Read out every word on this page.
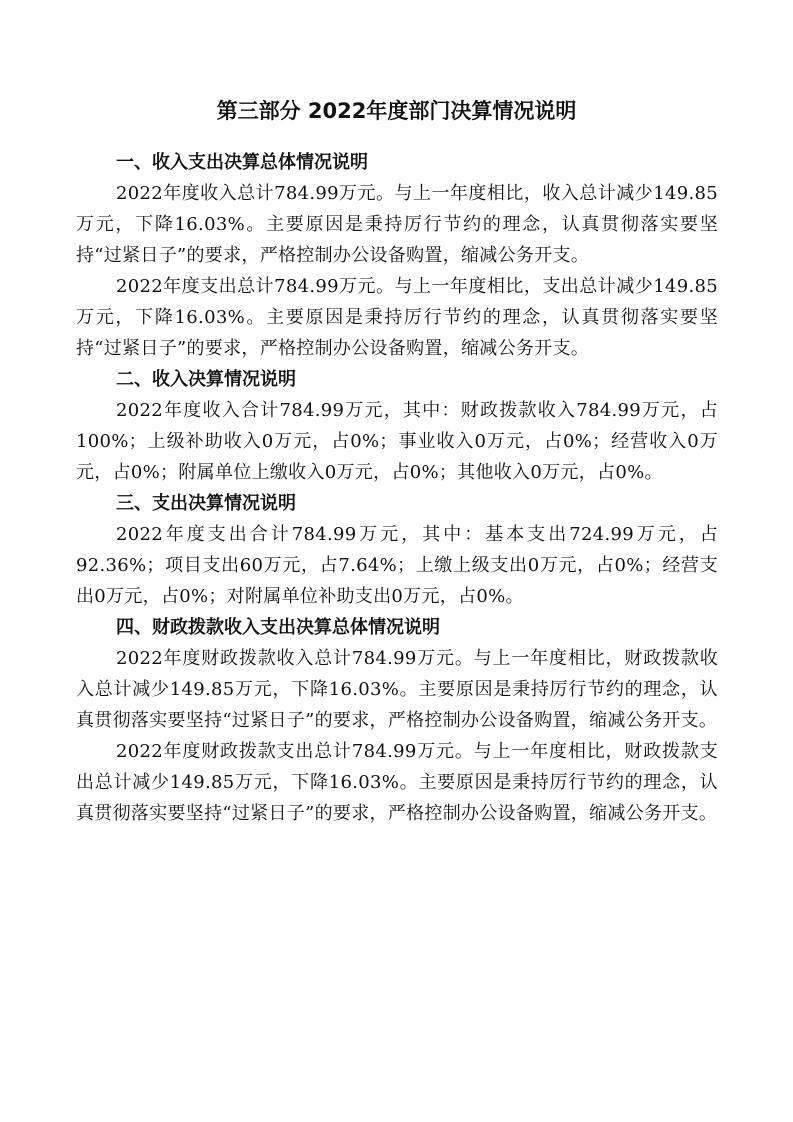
第三部分 2022年度部门决算情况说明

一、收入支出决算总体情况说明

2022年度收入总计784.99万元。与上一年度相比，收入总计减少149.85万元，下降16.03%。主要原因是秉持厉行节约的理念，认真贯彻落实要坚持“过紧日子”的要求，严格控制办公设备购置，缩减公务开支。

2022年度支出总计784.99万元。与上一年度相比，支出总计减少149.85万元，下降16.03%。主要原因是秉持厉行节约的理念，认真贯彻落实要坚持“过紧日子”的要求，严格控制办公设备购置，缩减公务开支。

二、收入决算情况说明

2022年度收入合计784.99万元，其中：财政拨款收入784.99万元，占100%；上级补助收入0万元，占0%；事业收入0万元，占0%；经营收入0万元，占0%；附属单位上缴收入0万元，占0%；其他收入0万元，占0%。

三、支出决算情况说明

2022年度支出合计784.99万元，其中：基本支出724.99万元，占92.36%；项目支出60万元，占7.64%；上缴上级支出0万元，占0%；经营支出0万元，占0%；对附属单位补助支出0万元，占0%。

四、财政拨款收入支出决算总体情况说明

2022年度财政拨款收入总计784.99万元。与上一年度相比，财政拨款收入总计减少149.85万元，下降16.03%。主要原因是秉持厉行节约的理念，认真贯彻落实要坚持“过紧日子”的要求，严格控制办公设备购置，缩减公务开支。

2022年度财政拨款支出总计784.99万元。与上一年度相比，财政拨款支出总计减少149.85万元，下降16.03%。主要原因是秉持厉行节约的理念，认真贯彻落实要坚持“过紧日子”的要求，严格控制办公设备购置，缩减公务开支。
